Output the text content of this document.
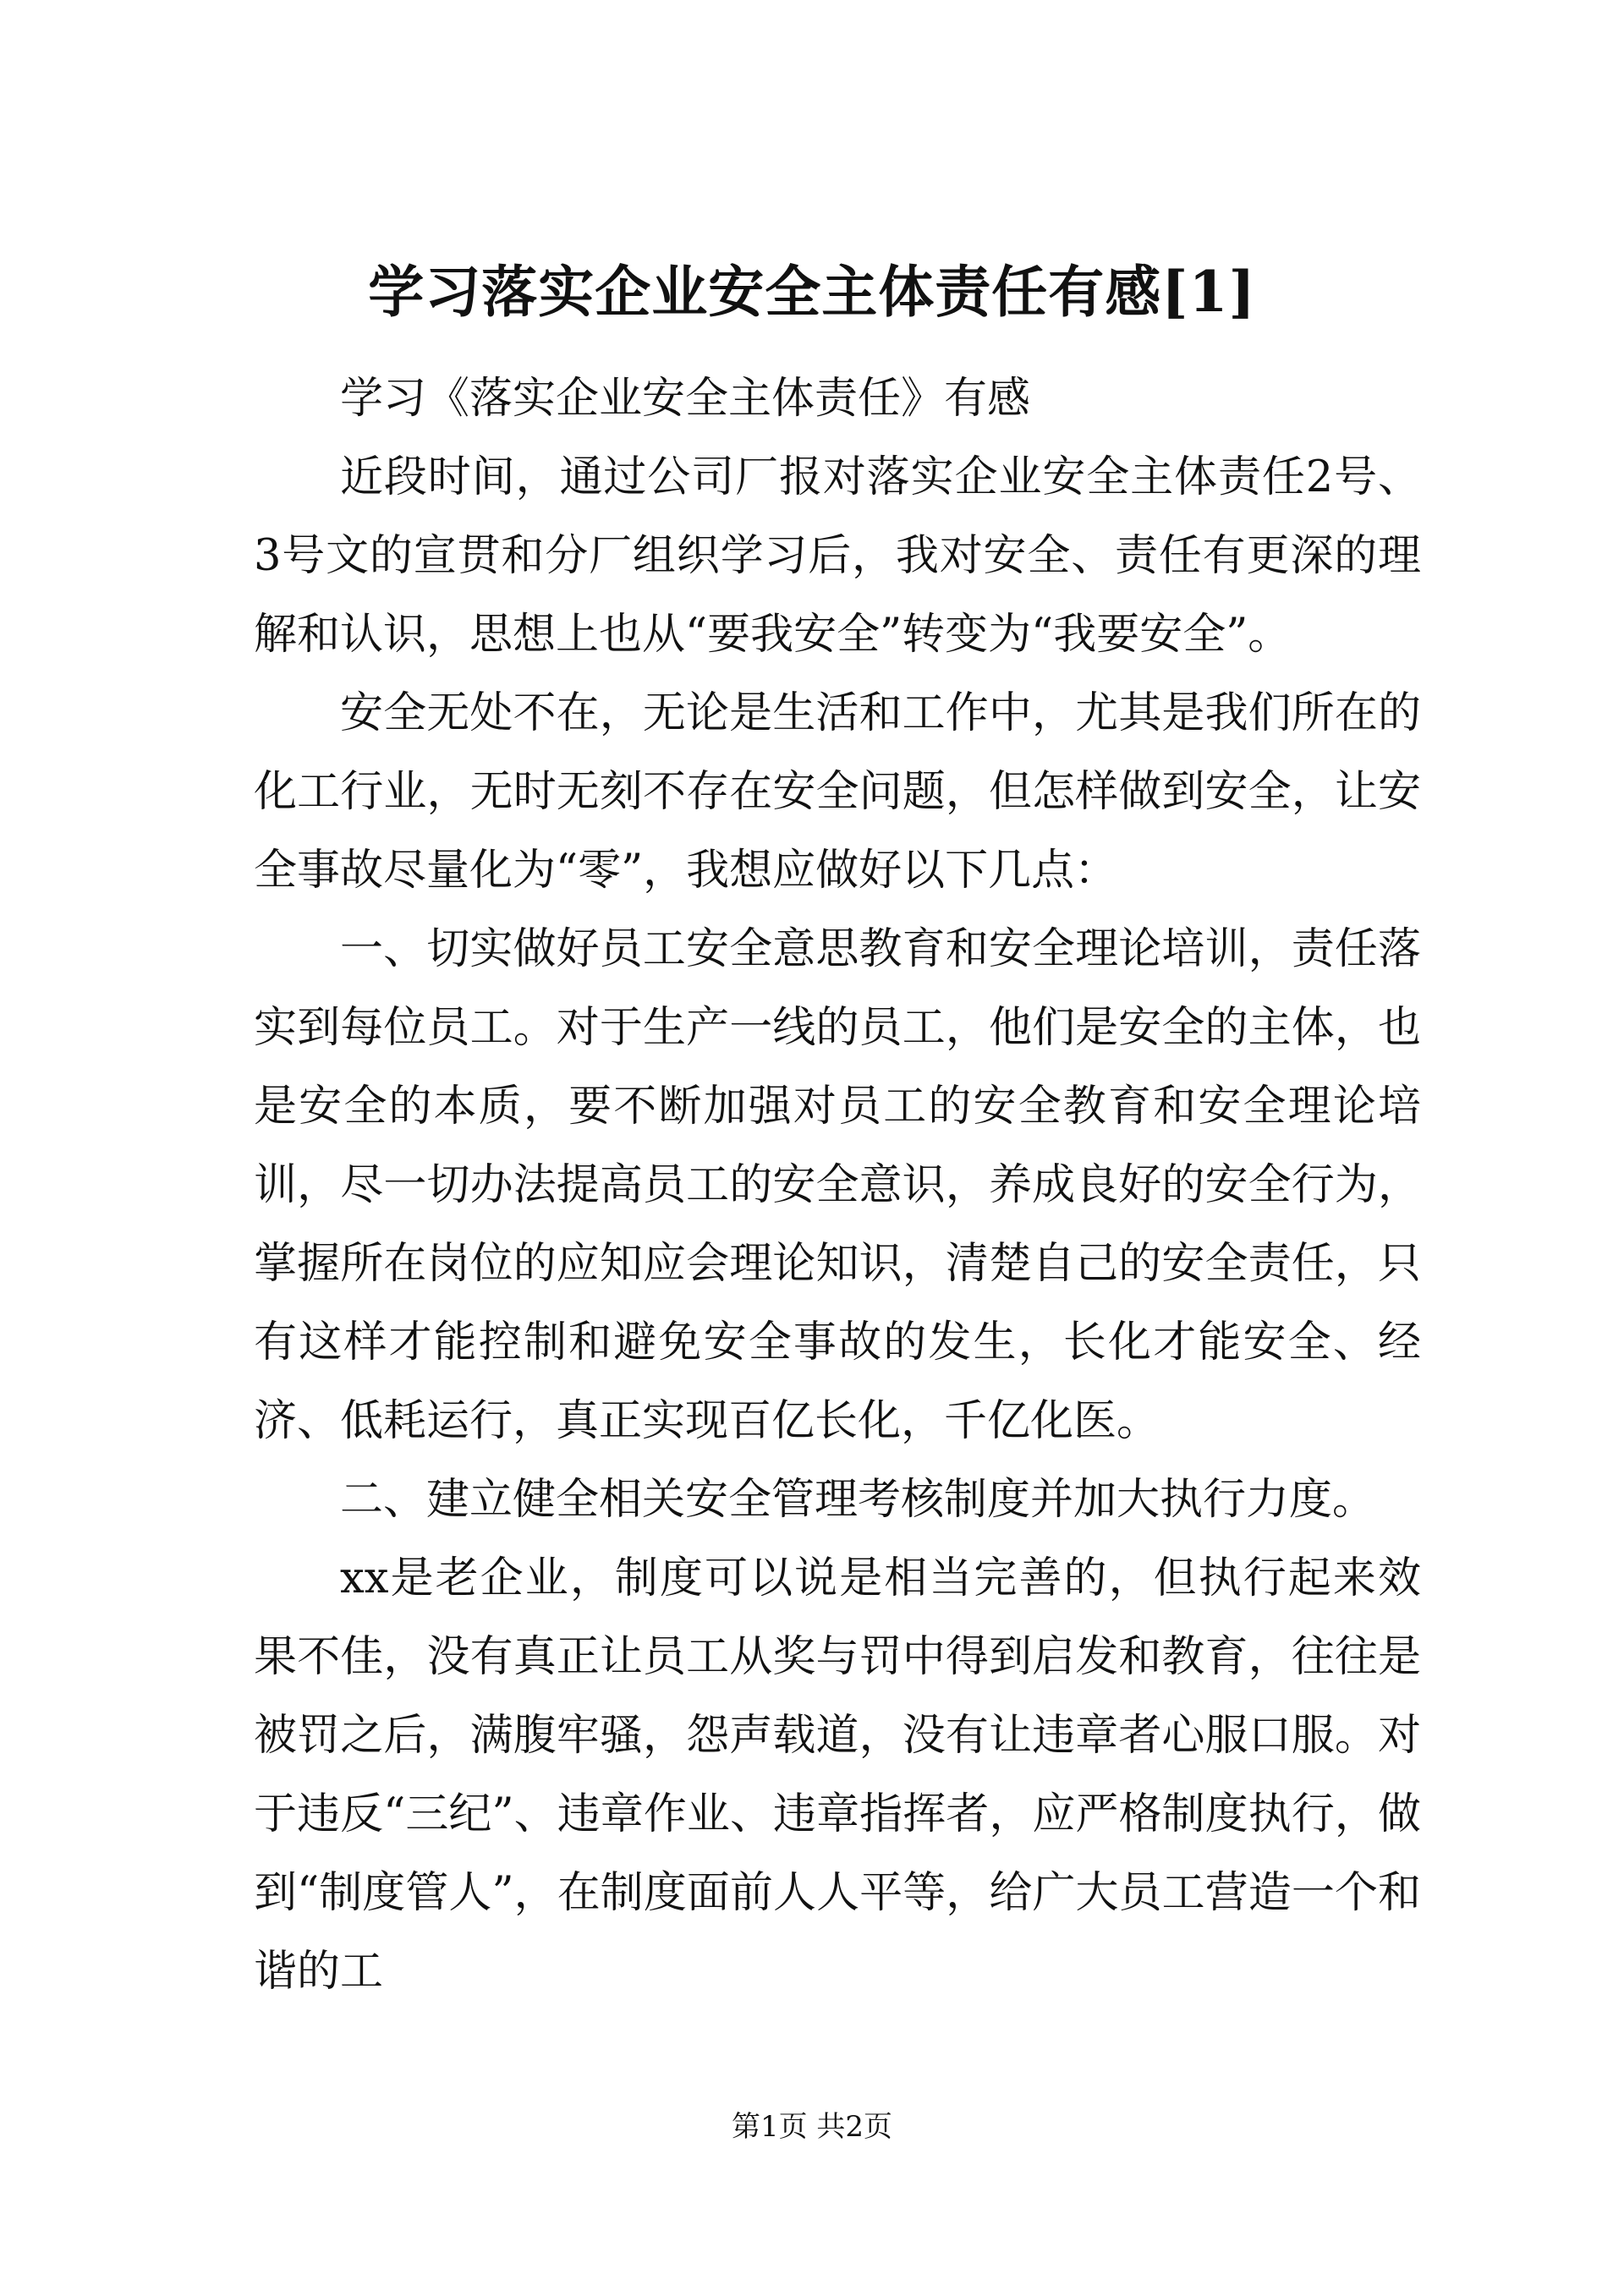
学习落实企业安全主体责任有感[1]

学习《落实企业安全主体责任》有感

近段时间，通过公司厂报对落实企业安全主体责任2号、3号文的宣贯和分厂组织学习后，我对安全、责任有更深的理解和认识，思想上也从“要我安全”转变为“我要安全”。

安全无处不在，无论是生活和工作中，尤其是我们所在的化工行业，无时无刻不存在安全问题，但怎样做到安全，让安全事故尽量化为“零”，我想应做好以下几点：

一、切实做好员工安全意思教育和安全理论培训，责任落实到每位员工。对于生产一线的员工，他们是安全的主体，也是安全的本质，要不断加强对员工的安全教育和安全理论培训，尽一切办法提高员工的安全意识，养成良好的安全行为，掌握所在岗位的应知应会理论知识，清楚自己的安全责任，只有这样才能控制和避免安全事故的发生，长化才能安全、经济、低耗运行，真正实现百亿长化，千亿化医。

二、建立健全相关安全管理考核制度并加大执行力度。

xx是老企业，制度可以说是相当完善的，但执行起来效果不佳，没有真正让员工从奖与罚中得到启发和教育，往往是被罚之后，满腹牢骚，怨声载道，没有让违章者心服口服。对于违反“三纪”、违章作业、违章指挥者，应严格制度执行，做到“制度管人”，在制度面前人人平等，给广大员工营造一个和谐的工

第1页 共2页
